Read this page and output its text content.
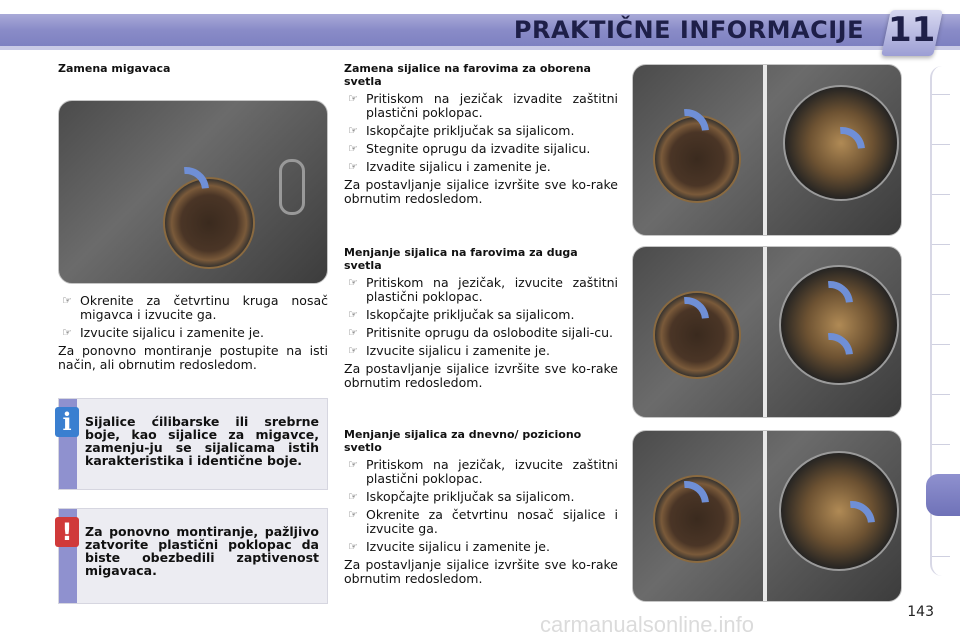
PRAKTIČNE INFORMACIJE 11
Zamena migavaca
☞ Okrenite za četvrtinu kruga nosač migavca i izvucite ga.
☞ Izvucite sijalicu i zamenite je.
Za ponovno montiranje postupite na isti način, ali obrnutim redosledom.
i	Sijalice ćilibarske ili srebrne boje, kao sijalice za migavce, zamenju-ju se sijalicama istih karakteristika i identične boje.
!	Za ponovno montiranje, pažljivo zatvorite plastični poklopac da biste obezbedili zaptivenost migavaca.
Zamena sijalice na farovima za oborena svetla
☞ Pritiskom na jezičak izvadite zaštitni plastični poklopac.
☞ Iskopčajte priključak sa sijalicom.
☞ Stegnite oprugu da izvadite sijalicu.
☞ Izvadite sijalicu i zamenite je.
Za postavljanje sijalice izvršite sve ko-rake obrnutim redosledom.
Menjanje sijalica na farovima za duga svetla
☞ Pritiskom na jezičak, izvucite zaštitni plastični poklopac.
☞ Iskopčajte priključak sa sijalicom.
☞ Pritisnite oprugu da oslobodite sijali-cu.
☞ Izvucite sijalicu i zamenite je.
Za postavljanje sijalice izvršite sve ko-rake obrnutim redosledom.
Menjanje sijalica za dnevno/ poziciono svetlo
☞ Pritiskom na jezičak, izvucite zaštitni plastični poklopac.
☞ Iskopčajte priključak sa sijalicom.
☞ Okrenite za četvrtinu nosač sijalice i izvucite ga.
☞ Izvucite sijalicu i zamenite je.
Za postavljanje sijalice izvršite sve ko-rake obrnutim redosledom.
143
carmanualsonline.info
